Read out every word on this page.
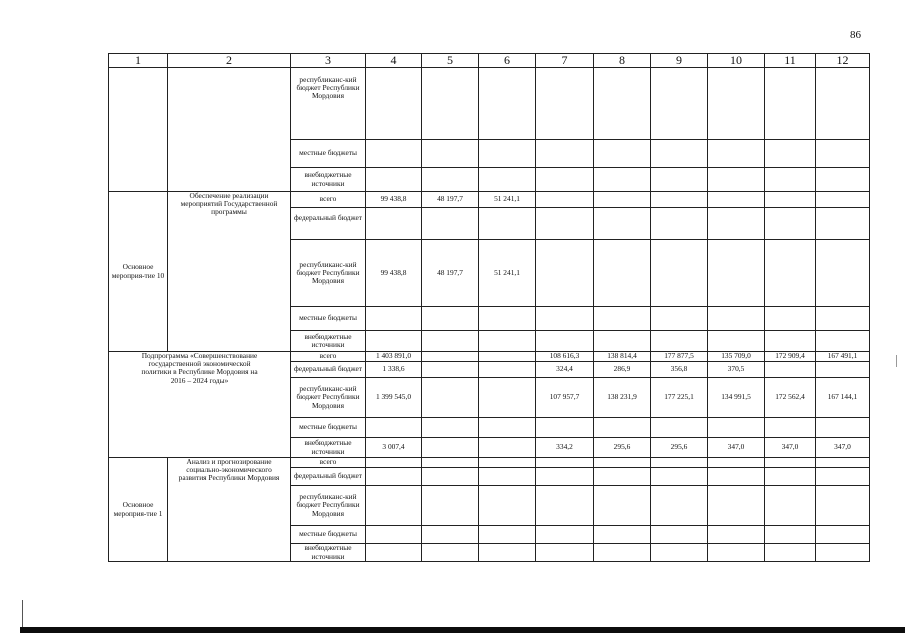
86
1	2	3	4	5	6	7	8	9	10	11	12
		республиканс-кий бюджет Республики Мордовия									
		местные бюджеты									
		внебюджетные источники									
Основное мероприя-тие 10	Обеспечение реализации мероприятий Государственной программы	всего	99 438,8	48 197,7	51 241,1						
		федеральный бюджет									
		республиканс-кий бюджет Республики Мордовия	99 438,8	48 197,7	51 241,1						
		местные бюджеты									
		внебюджетные источники									
Подпрограмма «Совершенствование государственной экономической политики в Республике Мордовия на 2016 – 2024 годы»		всего	1 403 891,0			108 616,3	138 814,4	177 877,5	135 709,0	172 909,4	167 491,1
		федеральный бюджет	1 338,6			324,4	286,9	356,8	370,5		
		республиканс-кий бюджет Республики Мордовия	1 399 545,0			107 957,7	138 231,9	177 225,1	134 991,5	172 562,4	167 144,1
		местные бюджеты									
		внебюджетные источники	3 007,4			334,2	295,6	295,6	347,0	347,0	347,0
Основное мероприя-тие 1	Анализ и прогнозирование социально-экономического развития Республики Мордовия	всего									
		федеральный бюджет									
		республиканс-кий бюджет Республики Мордовия									
		местные бюджеты									
		внебюджетные источники									
